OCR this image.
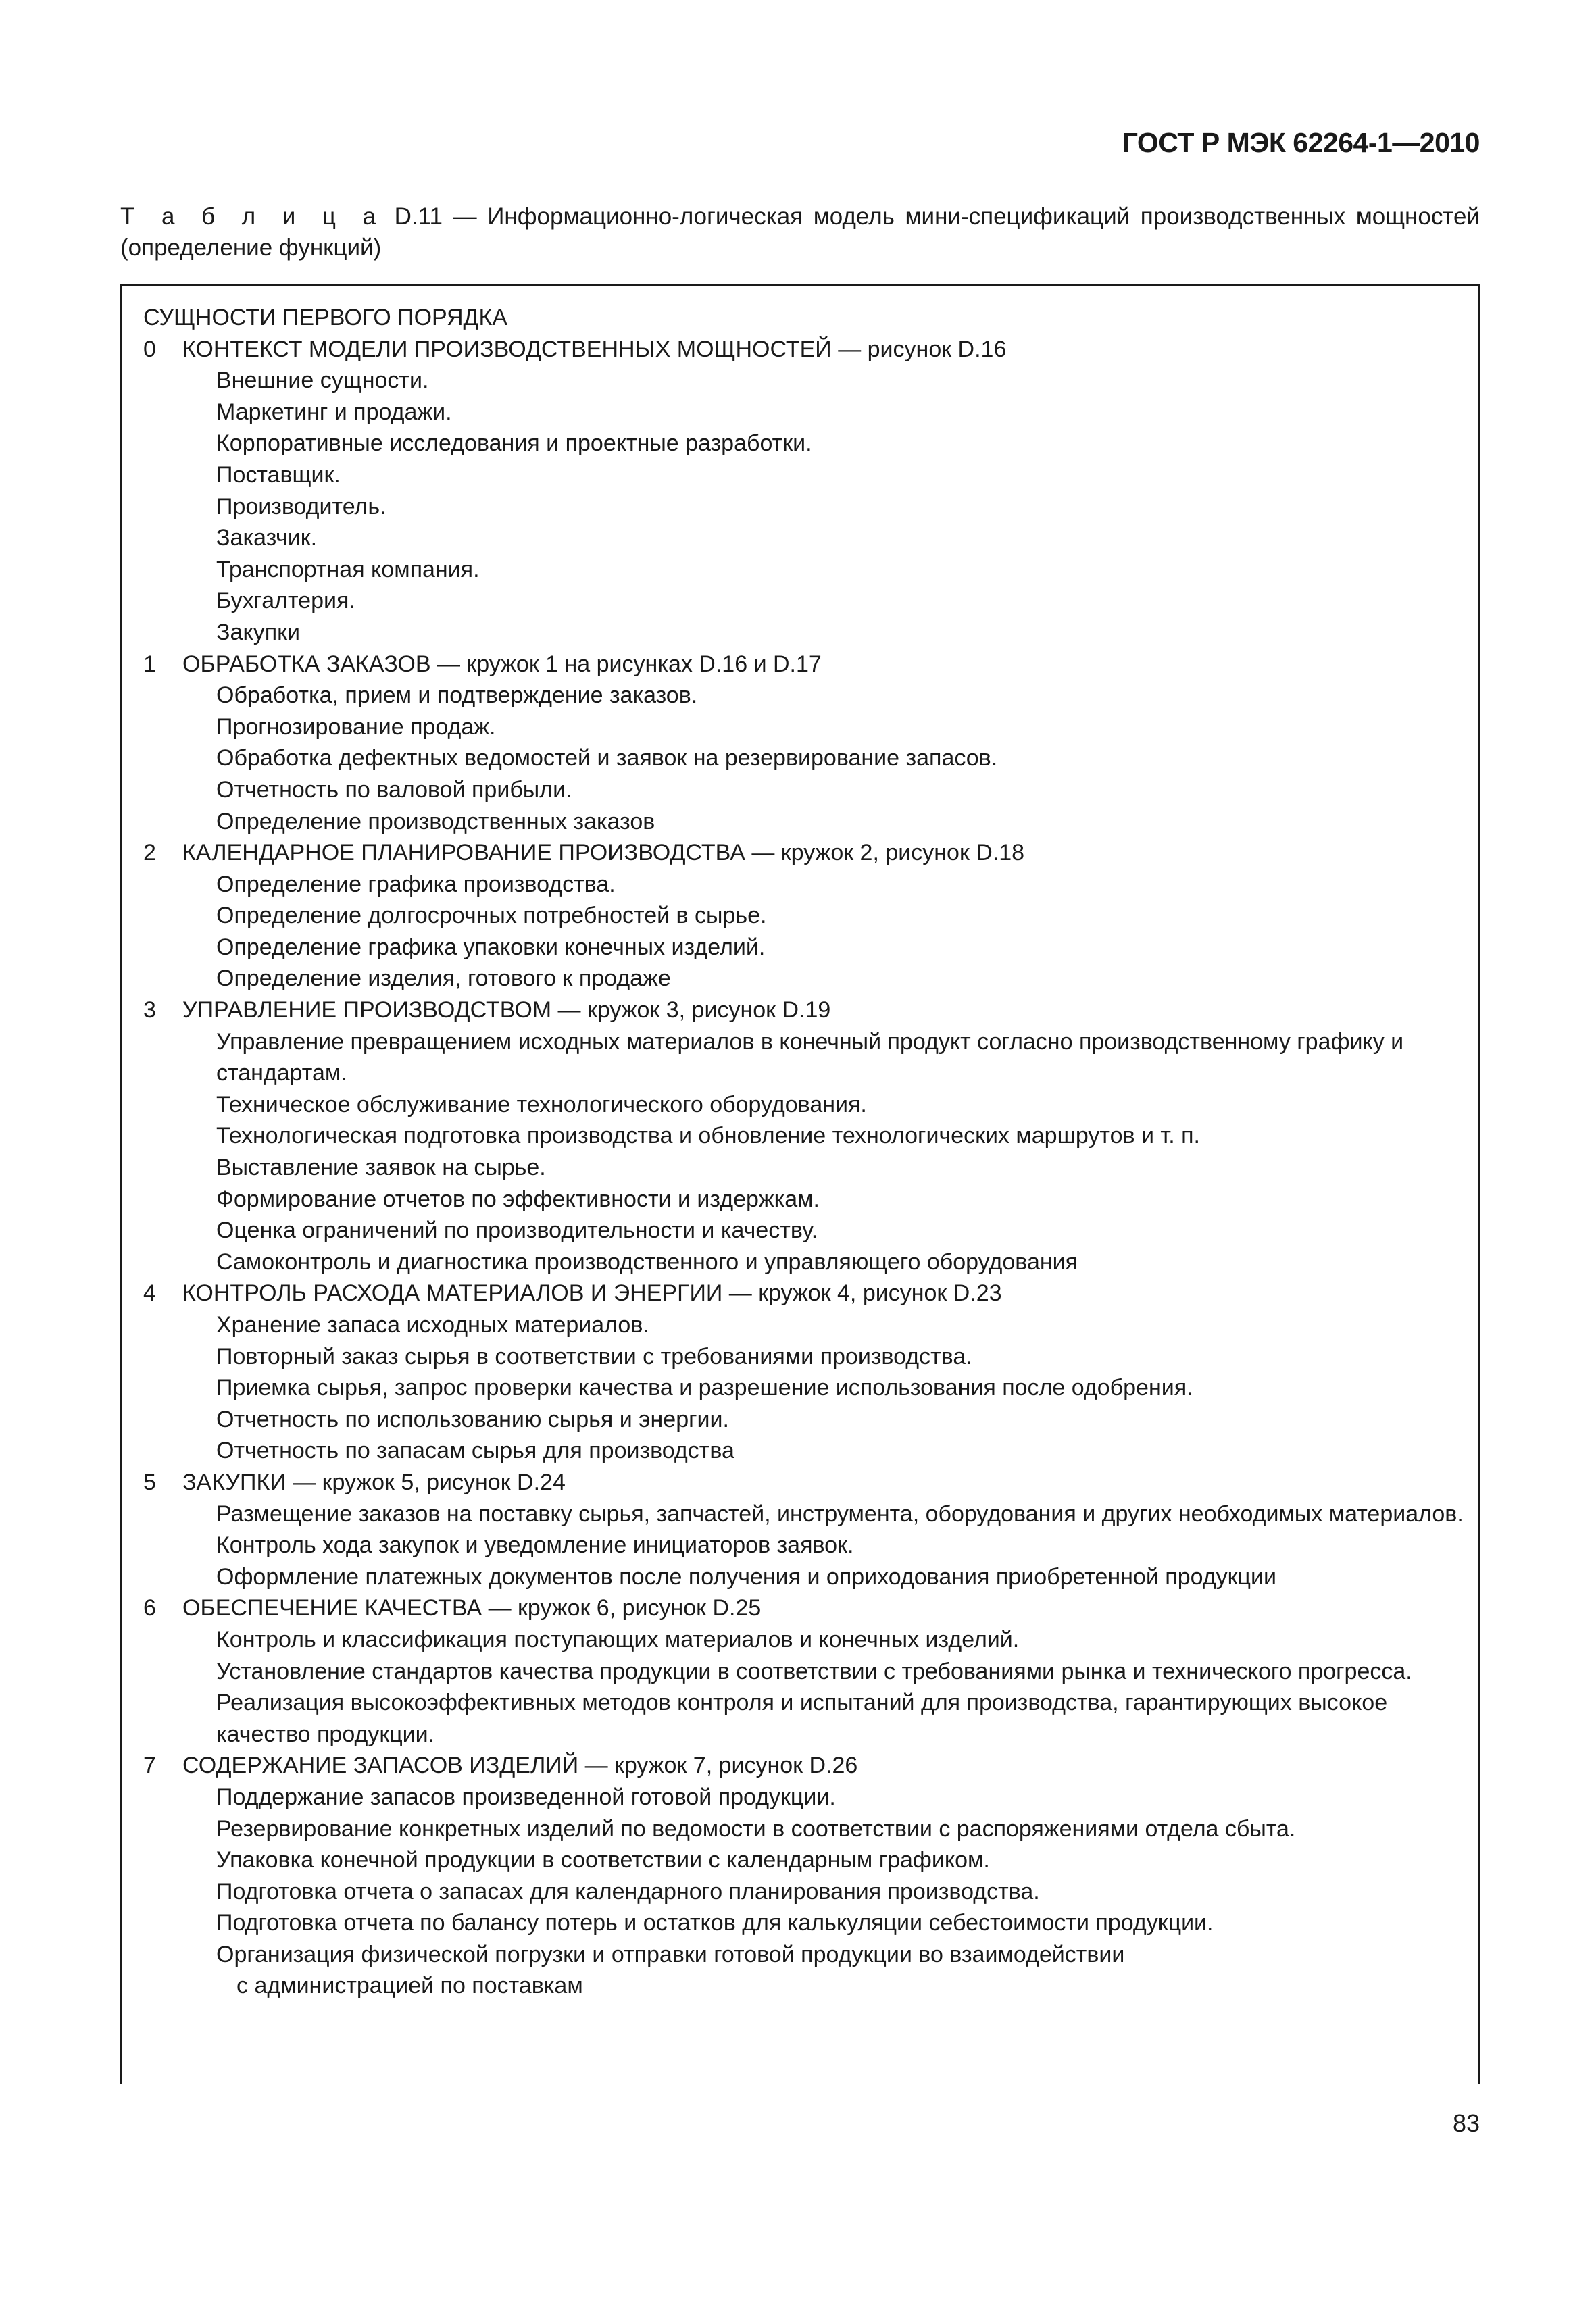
ГОСТ Р МЭК 62264-1—2010
Т а б л и ц а D.11 — Информационно-логическая модель мини-спецификаций производственных мощностей (определение функций)
СУЩНОСТИ ПЕРВОГО ПОРЯДКА
0	КОНТЕКСТ МОДЕЛИ ПРОИЗВОДСТВЕННЫХ МОЩНОСТЕЙ — рисунок D.16
Внешние сущности.
Маркетинг и продажи.
Корпоративные исследования и проектные разработки.
Поставщик.
Производитель.
Заказчик.
Транспортная компания.
Бухгалтерия.
Закупки
1	ОБРАБОТКА ЗАКАЗОВ — кружок 1 на рисунках D.16 и D.17
Обработка, прием и подтверждение заказов.
Прогнозирование продаж.
Обработка дефектных ведомостей и заявок на резервирование запасов.
Отчетность по валовой прибыли.
Определение производственных заказов
2	КАЛЕНДАРНОЕ ПЛАНИРОВАНИЕ ПРОИЗВОДСТВА — кружок 2, рисунок D.18
Определение графика производства.
Определение долгосрочных потребностей в сырье.
Определение графика упаковки конечных изделий.
Определение изделия, готового к продаже
3	УПРАВЛЕНИЕ ПРОИЗВОДСТВОМ — кружок 3, рисунок D.19
Управление превращением исходных материалов в конечный продукт согласно производственному графику и стандартам.
Техническое обслуживание технологического оборудования.
Технологическая подготовка производства и обновление технологических маршрутов и т. п.
Выставление заявок на сырье.
Формирование отчетов по эффективности и издержкам.
Оценка ограничений по производительности и качеству.
Самоконтроль и диагностика производственного и управляющего оборудования
4	КОНТРОЛЬ РАСХОДА МАТЕРИАЛОВ И ЭНЕРГИИ — кружок 4, рисунок D.23
Хранение запаса исходных материалов.
Повторный заказ сырья в соответствии с требованиями производства.
Приемка сырья, запрос проверки качества и разрешение использования после одобрения.
Отчетность по использованию сырья и энергии.
Отчетность по запасам сырья для производства
5	ЗАКУПКИ — кружок 5, рисунок D.24
Размещение заказов на поставку сырья, запчастей, инструмента, оборудования и других необходимых материалов.
Контроль хода закупок и уведомление инициаторов заявок.
Оформление платежных документов после получения и оприходования приобретенной продукции
6	ОБЕСПЕЧЕНИЕ КАЧЕСТВА — кружок 6, рисунок D.25
Контроль и классификация поступающих материалов и конечных изделий.
Установление стандартов качества продукции в соответствии с требованиями рынка и технического прогресса.
Реализация высокоэффективных методов контроля и испытаний для производства, гарантирующих высокое качество продукции.
7	СОДЕРЖАНИЕ ЗАПАСОВ ИЗДЕЛИЙ — кружок 7, рисунок D.26
Поддержание запасов произведенной готовой продукции.
Резервирование конкретных изделий по ведомости в соответствии с распоряжениями отдела сбыта.
Упаковка конечной продукции в соответствии с календарным графиком.
Подготовка отчета о запасах для календарного планирования производства.
Подготовка отчета по балансу потерь и остатков для калькуляции себестоимости продукции.
Организация физической погрузки и отправки готовой продукции во взаимодействии
с администрацией по поставкам
83
